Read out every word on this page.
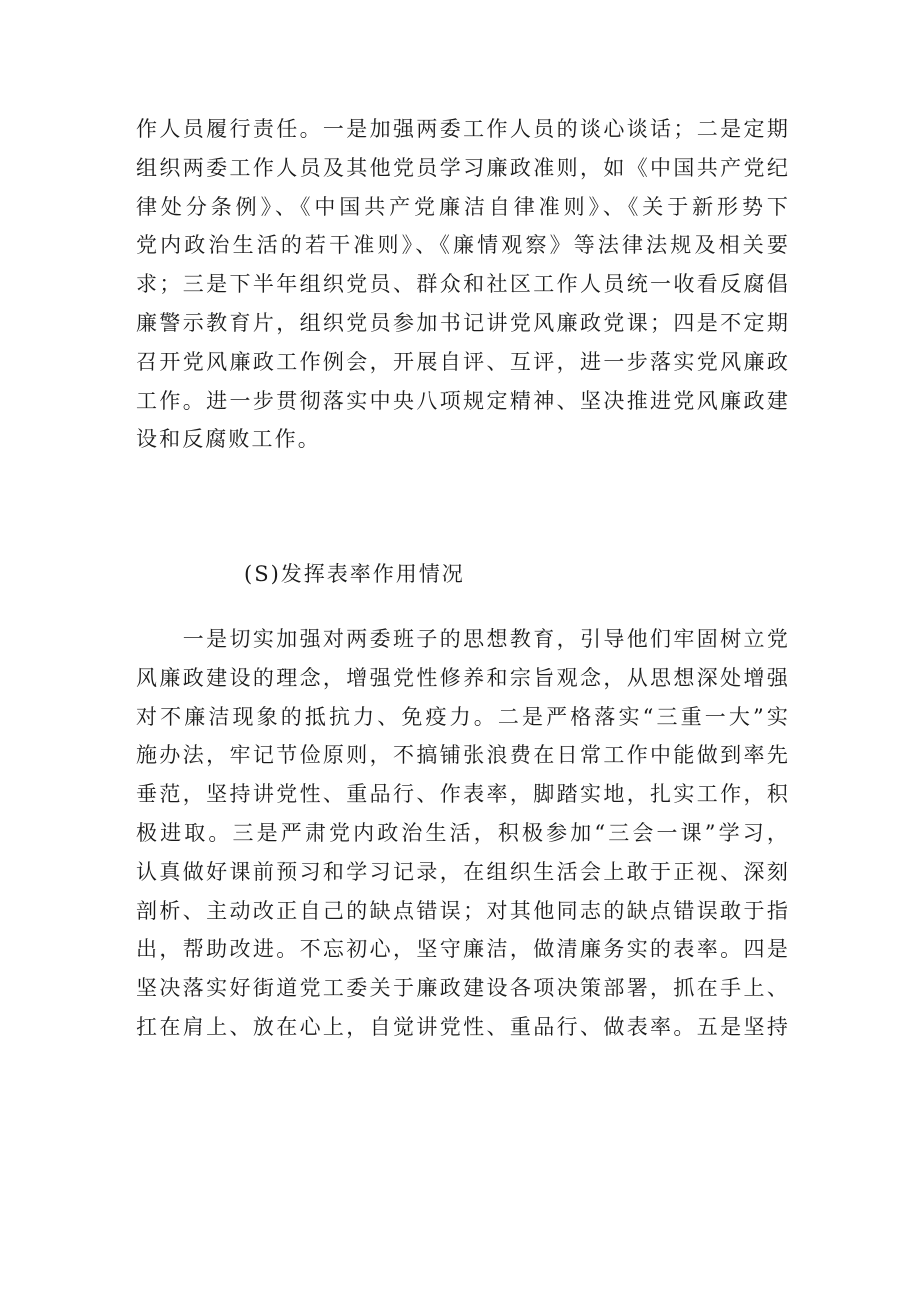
作人员履行责任。一是加强两委工作人员的谈心谈话；二是定期
组织两委工作人员及其他党员学习廉政准则，如《中国共产党纪
律处分条例》、《中国共产党廉洁自律准则》、《关于新形势下
党内政治生活的若干准则》、《廉情观察》等法律法规及相关要
求；三是下半年组织党员、群众和社区工作人员统一收看反腐倡
廉警示教育片，组织党员参加书记讲党风廉政党课；四是不定期
召开党风廉政工作例会，开展自评、互评，进一步落实党风廉政
工作。进一步贯彻落实中央八项规定精神、坚决推进党风廉政建
设和反腐败工作。
(S)发挥表率作用情况
　　一是切实加强对两委班子的思想教育，引导他们牢固树立党
风廉政建设的理念，增强党性修养和宗旨观念，从思想深处增强
对不廉洁现象的抵抗力、免疫力。二是严格落实“三重一大”实
施办法，牢记节俭原则，不搞铺张浪费在日常工作中能做到率先
垂范，坚持讲党性、重品行、作表率，脚踏实地，扎实工作，积
极进取。三是严肃党内政治生活，积极参加“三会一课”学习，
认真做好课前预习和学习记录，在组织生活会上敢于正视、深刻
剖析、主动改正自己的缺点错误；对其他同志的缺点错误敢于指
出，帮助改进。不忘初心，坚守廉洁，做清廉务实的表率。四是
坚决落实好街道党工委关于廉政建设各项决策部署，抓在手上、
扛在肩上、放在心上，自觉讲党性、重品行、做表率。五是坚持
